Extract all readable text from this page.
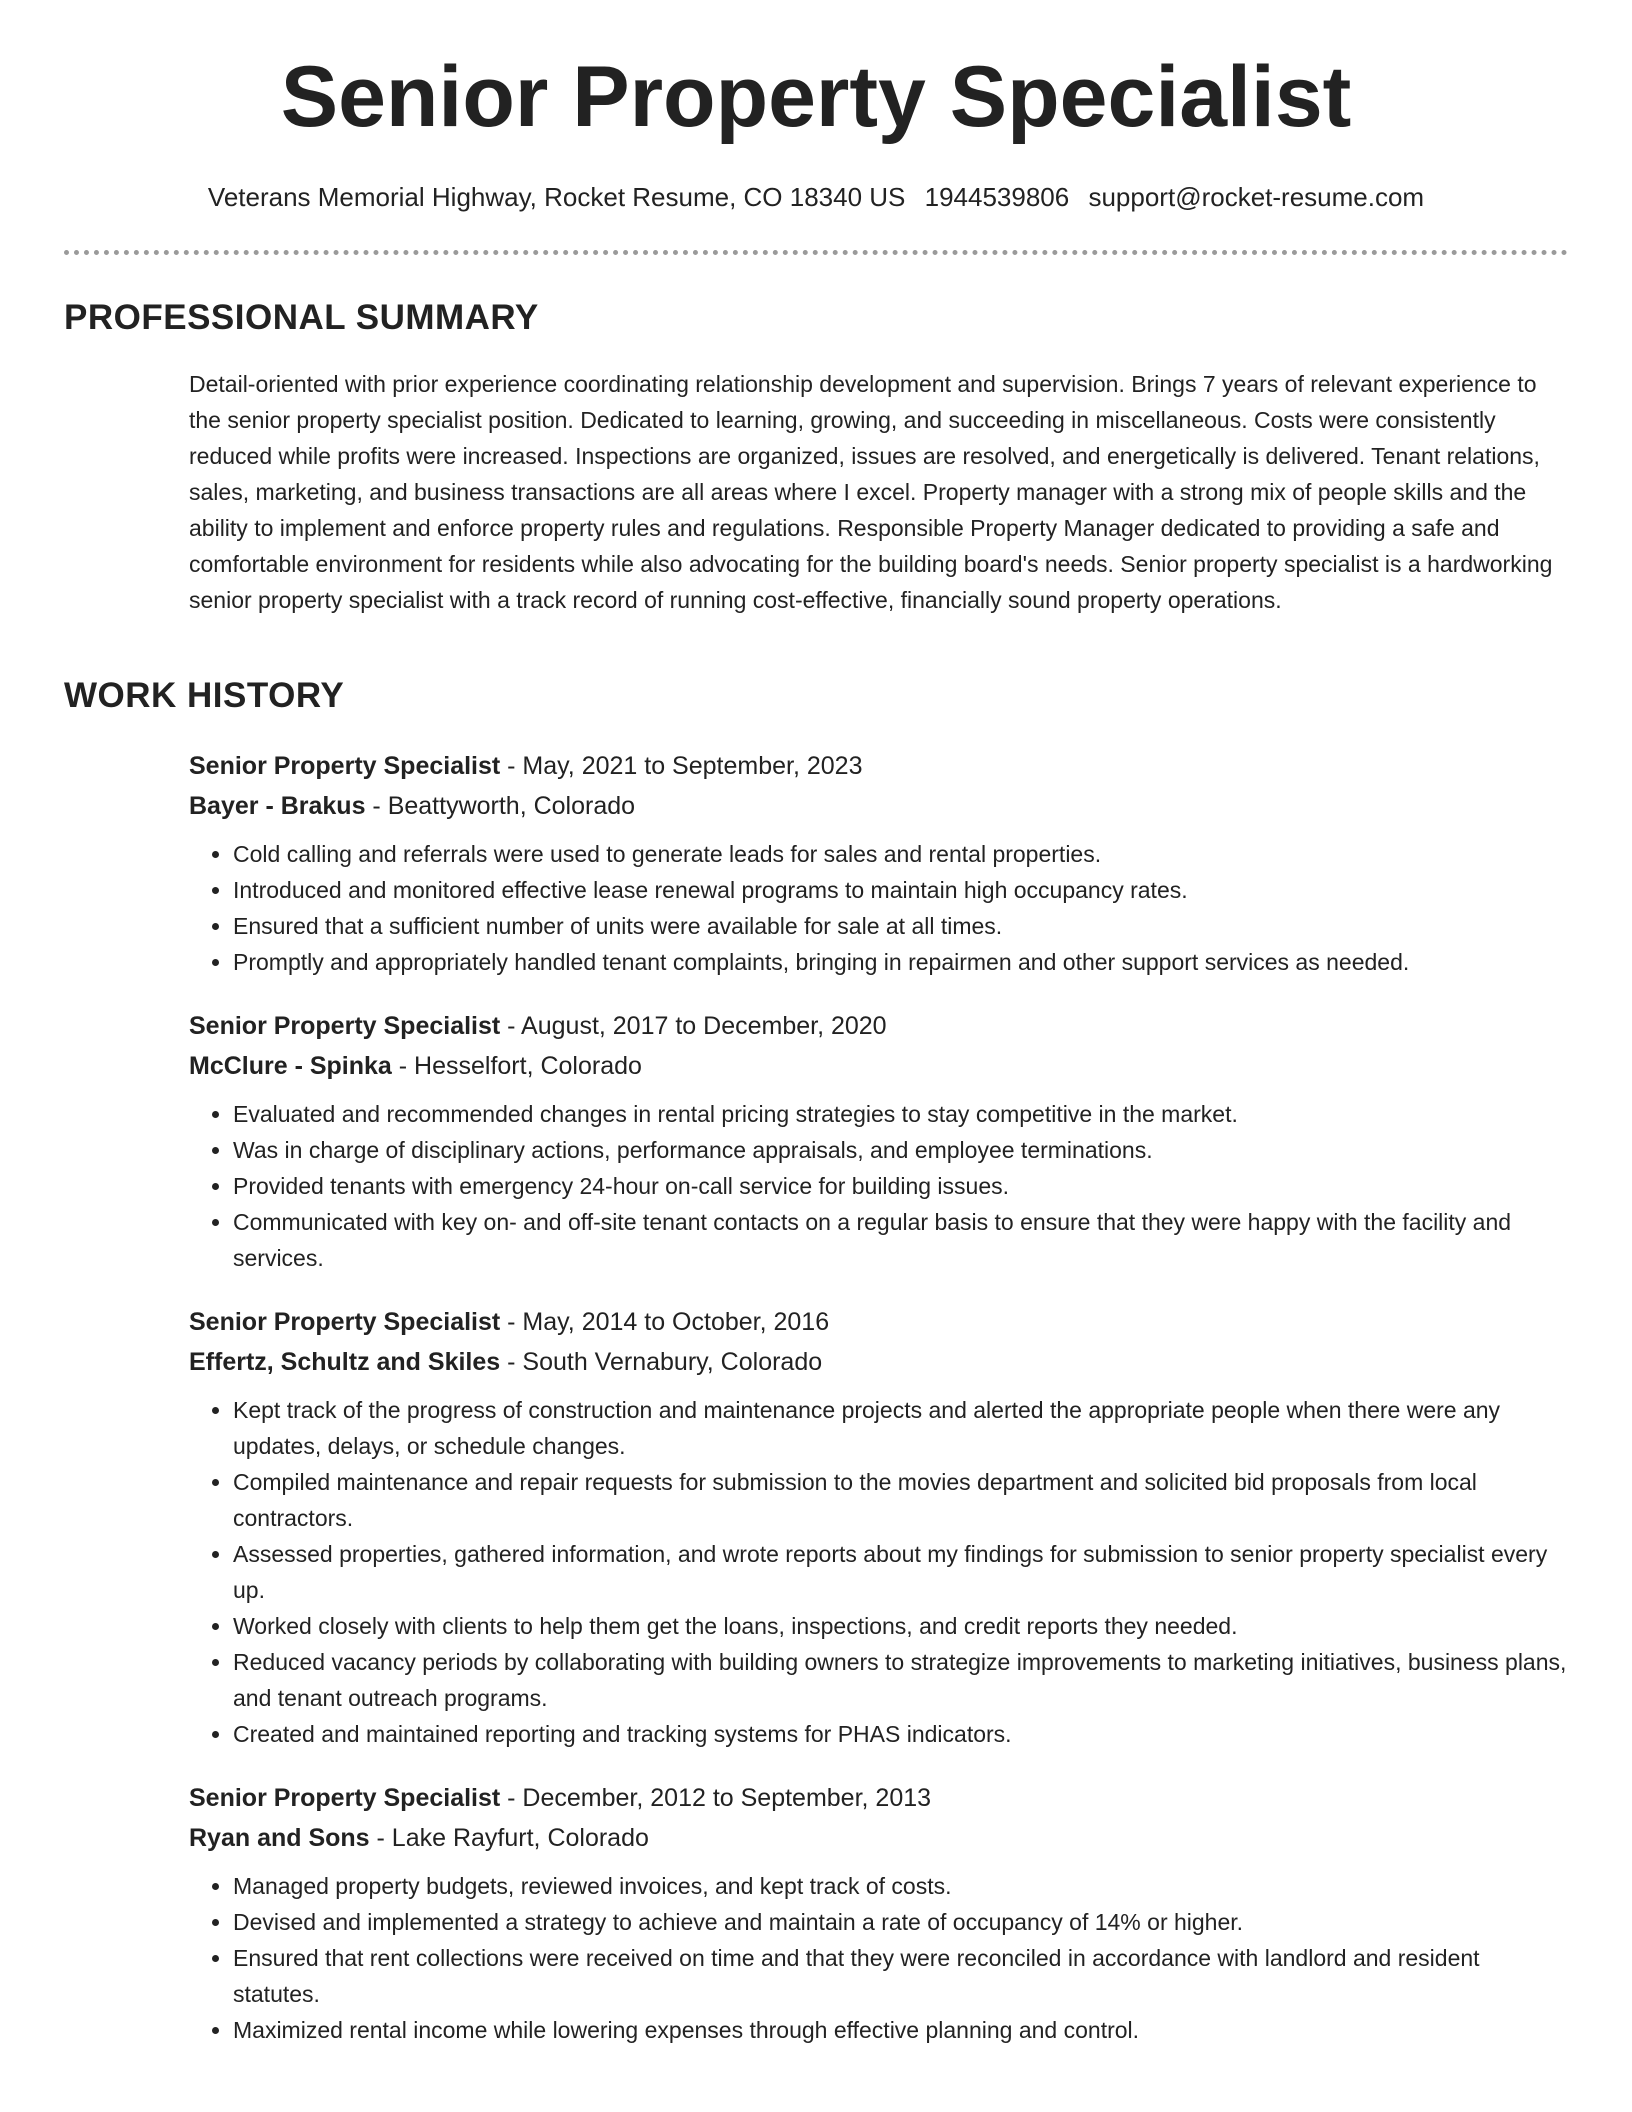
Senior Property Specialist
Veterans Memorial Highway, Rocket Resume, CO 18340 US 1944539806 support@rocket-resume.com
PROFESSIONAL SUMMARY

Detail-oriented with prior experience coordinating relationship development and supervision. Brings 7 years of relevant experience to the senior property specialist position. Dedicated to learning, growing, and succeeding in miscellaneous. Costs were consistently reduced while profits were increased. Inspections are organized, issues are resolved, and energetically is delivered. Tenant relations, sales, marketing, and business transactions are all areas where I excel. Property manager with a strong mix of people skills and the ability to implement and enforce property rules and regulations. Responsible Property Manager dedicated to providing a safe and comfortable environment for residents while also advocating for the building board's needs. Senior property specialist is a hardworking senior property specialist with a track record of running cost-effective, financially sound property operations.

WORK HISTORY
Senior Property Specialist - May, 2021 to September, 2023
Bayer - Brakus - Beattyworth, Colorado
• Cold calling and referrals were used to generate leads for sales and rental properties.
• Introduced and monitored effective lease renewal programs to maintain high occupancy rates.
• Ensured that a sufficient number of units were available for sale at all times.
• Promptly and appropriately handled tenant complaints, bringing in repairmen and other support services as needed.
Senior Property Specialist - August, 2017 to December, 2020
McClure - Spinka - Hesselfort, Colorado
• Evaluated and recommended changes in rental pricing strategies to stay competitive in the market.
• Was in charge of disciplinary actions, performance appraisals, and employee terminations.
• Provided tenants with emergency 24-hour on-call service for building issues.
• Communicated with key on- and off-site tenant contacts on a regular basis to ensure that they were happy with the facility and services.
Senior Property Specialist - May, 2014 to October, 2016
Effertz, Schultz and Skiles - South Vernabury, Colorado
• Kept track of the progress of construction and maintenance projects and alerted the appropriate people when there were any updates, delays, or schedule changes.
• Compiled maintenance and repair requests for submission to the movies department and solicited bid proposals from local contractors.
• Assessed properties, gathered information, and wrote reports about my findings for submission to senior property specialist every up.
• Worked closely with clients to help them get the loans, inspections, and credit reports they needed.
• Reduced vacancy periods by collaborating with building owners to strategize improvements to marketing initiatives, business plans, and tenant outreach programs.
• Created and maintained reporting and tracking systems for PHAS indicators.
Senior Property Specialist - December, 2012 to September, 2013
Ryan and Sons - Lake Rayfurt, Colorado
• Managed property budgets, reviewed invoices, and kept track of costs.
• Devised and implemented a strategy to achieve and maintain a rate of occupancy of 14% or higher.
• Ensured that rent collections were received on time and that they were reconciled in accordance with landlord and resident statutes.
• Maximized rental income while lowering expenses through effective planning and control.
